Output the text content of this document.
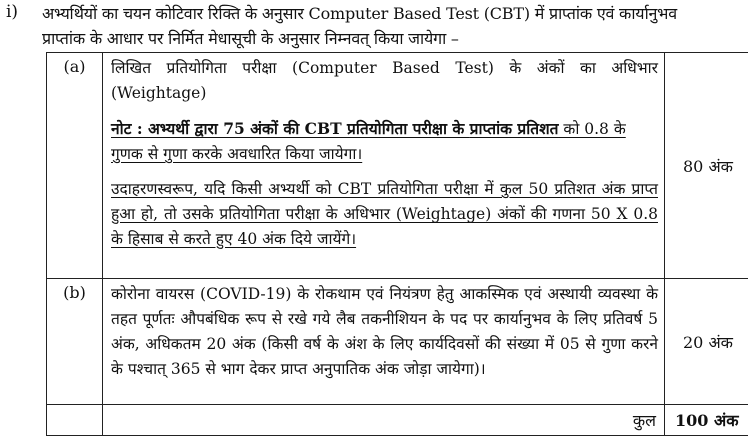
i) अभ्यर्थियों का चयन कोटिवार रिक्ति के अनुसार Computer Based Test (CBT) में प्राप्तांक एवं कार्यानुभव
प्राप्तांक के आधार पर निर्मित मेधासूची के अनुसार निम्नवत् किया जायेगा –
(a)	लिखित प्रतियोगिता परीक्षा (Computer Based Test) के अंकों का अधिभार (Weightage)

नोट : अभ्यर्थी द्वारा 75 अंकों की CBT प्रतियोगिता परीक्षा के प्राप्तांक प्रतिशत को 0.8 के गुणक से गुणा करके अवधारित किया जायेगा।

उदाहरणस्वरूप, यदि किसी अभ्यर्थी को CBT प्रतियोगिता परीक्षा में कुल 50 प्रतिशत अंक प्राप्त हुआ हो, तो उसके प्रतियोगिता परीक्षा के अधिभार (Weightage) अंकों की गणना 50 X 0.8 के हिसाब से करते हुए 40 अंक दिये जायेंगे।	80 अंक
(b)	कोरोना वायरस (COVID-19) के रोकथाम एवं नियंत्रण हेतु आकस्मिक एवं अस्थायी व्यवस्था के तहत पूर्णतः औपबंधिक रूप से रखे गये लैब तकनीशियन के पद पर कार्यानुभव के लिए प्रतिवर्ष 5 अंक, अधिकतम 20 अंक (किसी वर्ष के अंश के लिए कार्यदिवसों की संख्या में 05 से गुणा करने के पश्चात् 365 से भाग देकर प्राप्त अनुपातिक अंक जोड़ा जायेगा)।	20 अंक
	कुल	100 अंक
